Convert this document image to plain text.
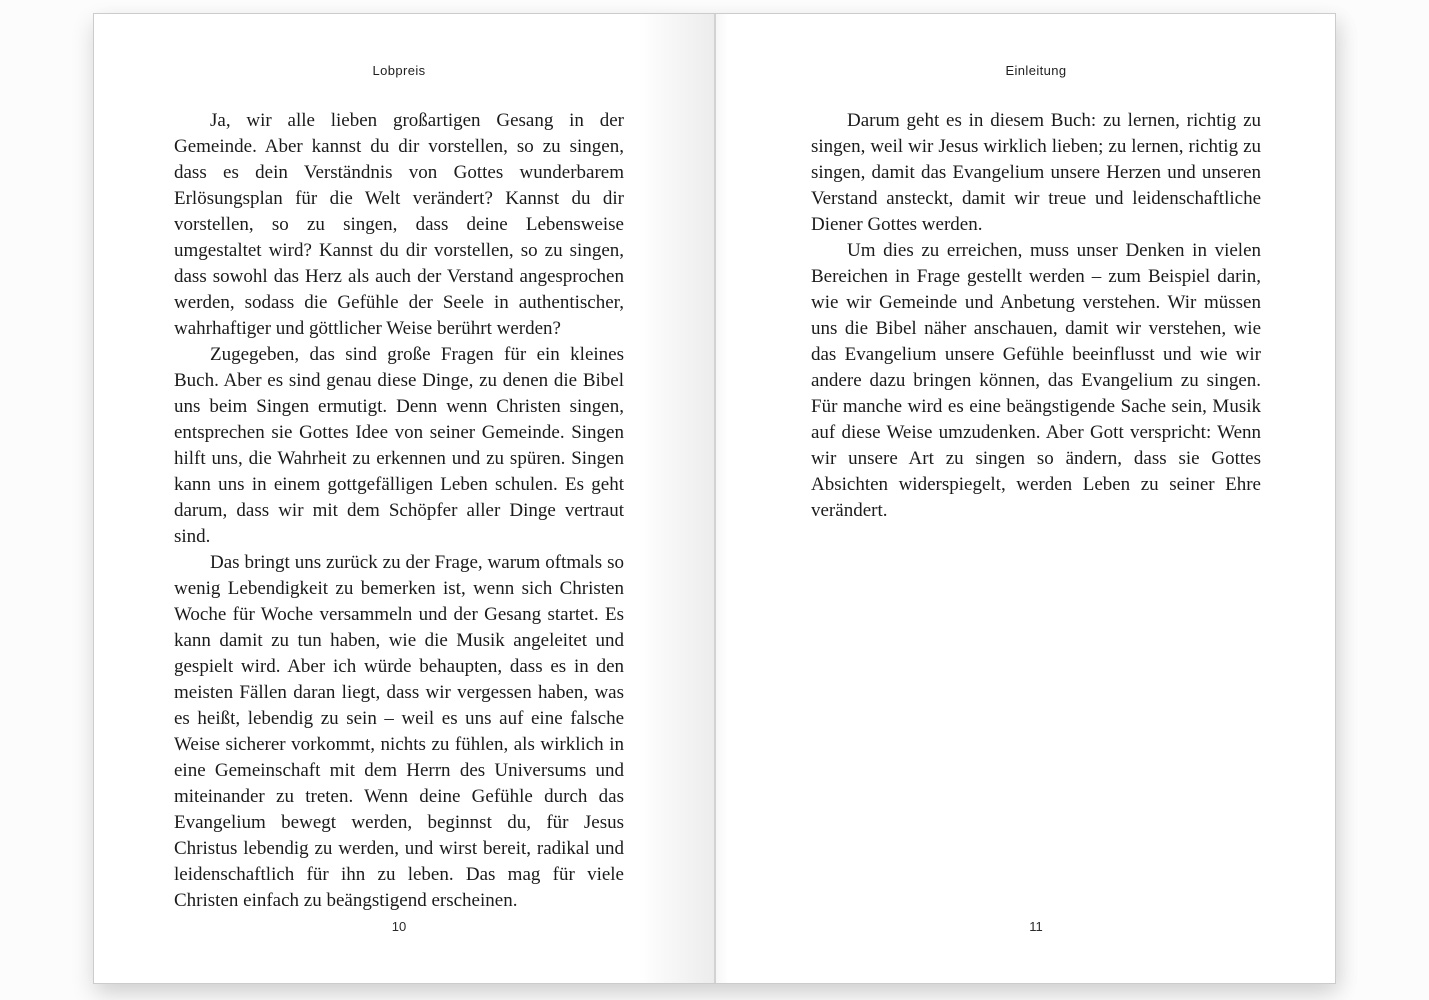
Lobpreis

Ja, wir alle lieben großartigen Gesang in der Gemeinde. Aber kannst du dir vorstellen, so zu singen, dass es dein Verständnis von Gottes wunderbarem Erlösungsplan für die Welt verändert? Kannst du dir vorstellen, so zu singen, dass deine Lebensweise umgestaltet wird? Kannst du dir vorstellen, so zu singen, dass sowohl das Herz als auch der Verstand angesprochen werden, sodass die Gefühle der Seele in authentischer, wahrhaftiger und göttlicher Weise berührt werden?

Zugegeben, das sind große Fragen für ein kleines Buch. Aber es sind genau diese Dinge, zu denen die Bibel uns beim Singen ermutigt. Denn wenn Christen singen, entsprechen sie Gottes Idee von seiner Gemeinde. Singen hilft uns, die Wahrheit zu erkennen und zu spüren. Singen kann uns in einem gottgefälligen Leben schulen. Es geht darum, dass wir mit dem Schöpfer aller Dinge vertraut sind.

Das bringt uns zurück zu der Frage, warum oftmals so wenig Lebendigkeit zu bemerken ist, wenn sich Christen Woche für Woche versammeln und der Gesang startet. Es kann damit zu tun haben, wie die Musik angeleitet und gespielt wird. Aber ich würde behaupten, dass es in den meisten Fällen daran liegt, dass wir vergessen haben, was es heißt, lebendig zu sein – weil es uns auf eine falsche Weise sicherer vorkommt, nichts zu fühlen, als wirklich in eine Gemeinschaft mit dem Herrn des Universums und miteinander zu treten. Wenn deine Gefühle durch das Evangelium bewegt werden, beginnst du, für Jesus Christus lebendig zu werden, und wirst bereit, radikal und leidenschaftlich für ihn zu leben. Das mag für viele Christen einfach zu beängstigend erscheinen.

10
Einleitung

Darum geht es in diesem Buch: zu lernen, richtig zu singen, weil wir Jesus wirklich lieben; zu lernen, richtig zu singen, damit das Evangelium unsere Herzen und unseren Verstand ansteckt, damit wir treue und leidenschaftliche Diener Gottes werden.

Um dies zu erreichen, muss unser Denken in vielen Bereichen in Frage gestellt werden – zum Beispiel darin, wie wir Gemeinde und Anbetung verstehen. Wir müssen uns die Bibel näher anschauen, damit wir verstehen, wie das Evangelium unsere Gefühle beeinflusst und wie wir andere dazu bringen können, das Evangelium zu singen. Für manche wird es eine beängstigende Sache sein, Musik auf diese Weise umzudenken. Aber Gott verspricht: Wenn wir unsere Art zu singen so ändern, dass sie Gottes Absichten widerspiegelt, werden Leben zu seiner Ehre verändert.

11
